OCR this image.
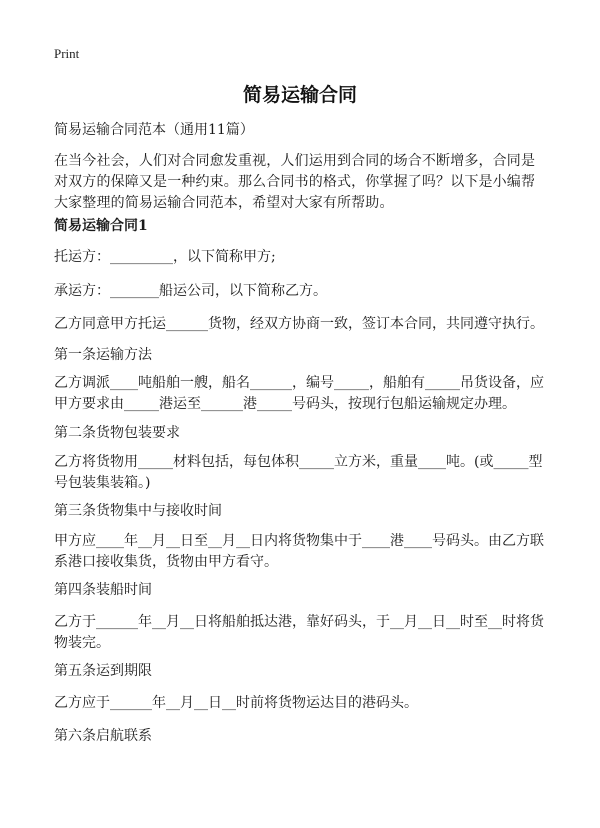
Print
简易运输合同
简易运输合同范本（通用11篇）
在当今社会，人们对合同愈发重视，人们运用到合同的场合不断增多，合同是对双方的保障又是一种约束。那么合同书的格式，你掌握了吗？以下是小编帮大家整理的简易运输合同范本，希望对大家有所帮助。
简易运输合同1
托运方：_________，以下简称甲方;
承运方：_______船运公司，以下简称乙方。
乙方同意甲方托运______货物，经双方协商一致，签订本合同，共同遵守执行。
第一条运输方法
乙方调派____吨船舶一艘，船名______，编号_____，船舶有_____吊货设备，应甲方要求由_____港运至______港_____号码头，按现行包船运输规定办理。
第二条货物包装要求
乙方将货物用_____材料包括，每包体积_____立方米，重量____吨。(或_____型号包装集装箱。)
第三条货物集中与接收时间
甲方应____年__月__日至__月__日内将货物集中于____港____号码头。由乙方联系港口接收集货，货物由甲方看守。
第四条装船时间
乙方于______年__月__日将船舶抵达港，靠好码头，于__月__日__时至__时将货物装完。
第五条运到期限
乙方应于______年__月__日__时前将货物运达目的港码头。
第六条启航联系
